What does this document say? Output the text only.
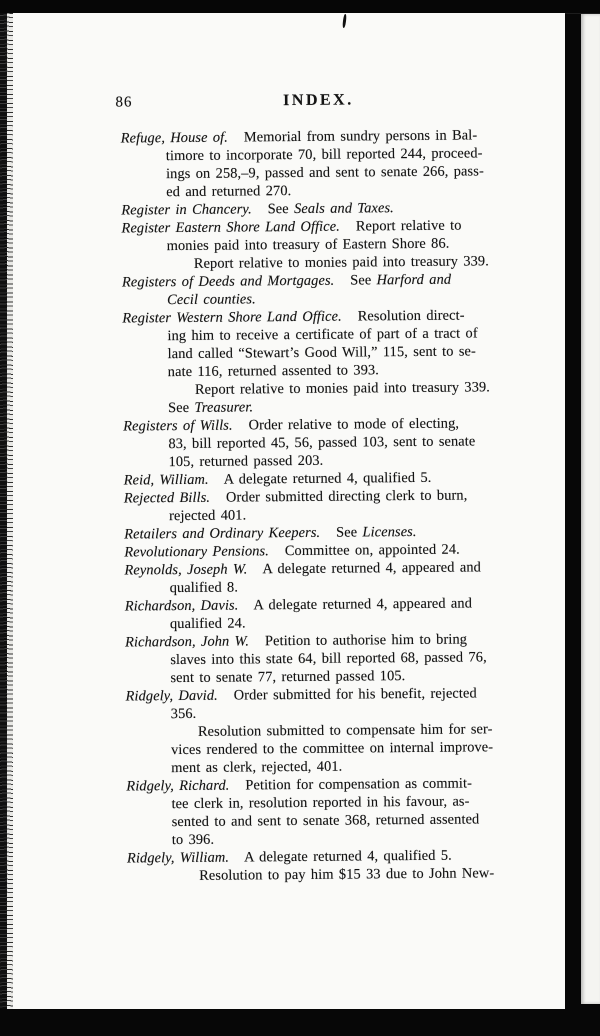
86	INDEX.
Refuge, House of.   Memorial from sundry persons in Bal-
timore to incorporate 70, bill reported 244, proceed-
ings on 258,–9, passed and sent to senate 266, pass-
ed and returned 270.
Register in Chancery.   See Seals and Taxes.
Register Eastern Shore Land Office.   Report relative to
monies paid into treasury of Eastern Shore 86.
Report relative to monies paid into treasury 339.
Registers of Deeds and Mortgages.   See Harford and
Cecil counties.
Register Western Shore Land Office.   Resolution direct-
ing him to receive a certificate of part of a tract of
land called “Stewart’s Good Will,” 115, sent to se-
nate 116, returned assented to 393.
Report relative to monies paid into treasury 339.
See Treasurer.
Registers of Wills.   Order relative to mode of electing,
83, bill reported 45, 56, passed 103, sent to senate
105, returned passed 203.
Reid, William.   A delegate returned 4, qualified 5.
Rejected Bills.   Order submitted directing clerk to burn,
rejected 401.
Retailers and Ordinary Keepers.   See Licenses.
Revolutionary Pensions.   Committee on, appointed 24.
Reynolds, Joseph W.   A delegate returned 4, appeared and
qualified 8.
Richardson, Davis.   A delegate returned 4, appeared and
qualified 24.
Richardson, John W.   Petition to authorise him to bring
slaves into this state 64, bill reported 68, passed 76,
sent to senate 77, returned passed 105.
Ridgely, David.   Order submitted for his benefit, rejected
356.
Resolution submitted to compensate him for ser-
vices rendered to the committee on internal improve-
ment as clerk, rejected, 401.
Ridgely, Richard.   Petition for compensation as commit-
tee clerk in, resolution reported in his favour, as-
sented to and sent to senate 368, returned assented
to 396.
Ridgely, William.   A delegate returned 4, qualified 5.
Resolution to pay him $15 33 due to John New-
